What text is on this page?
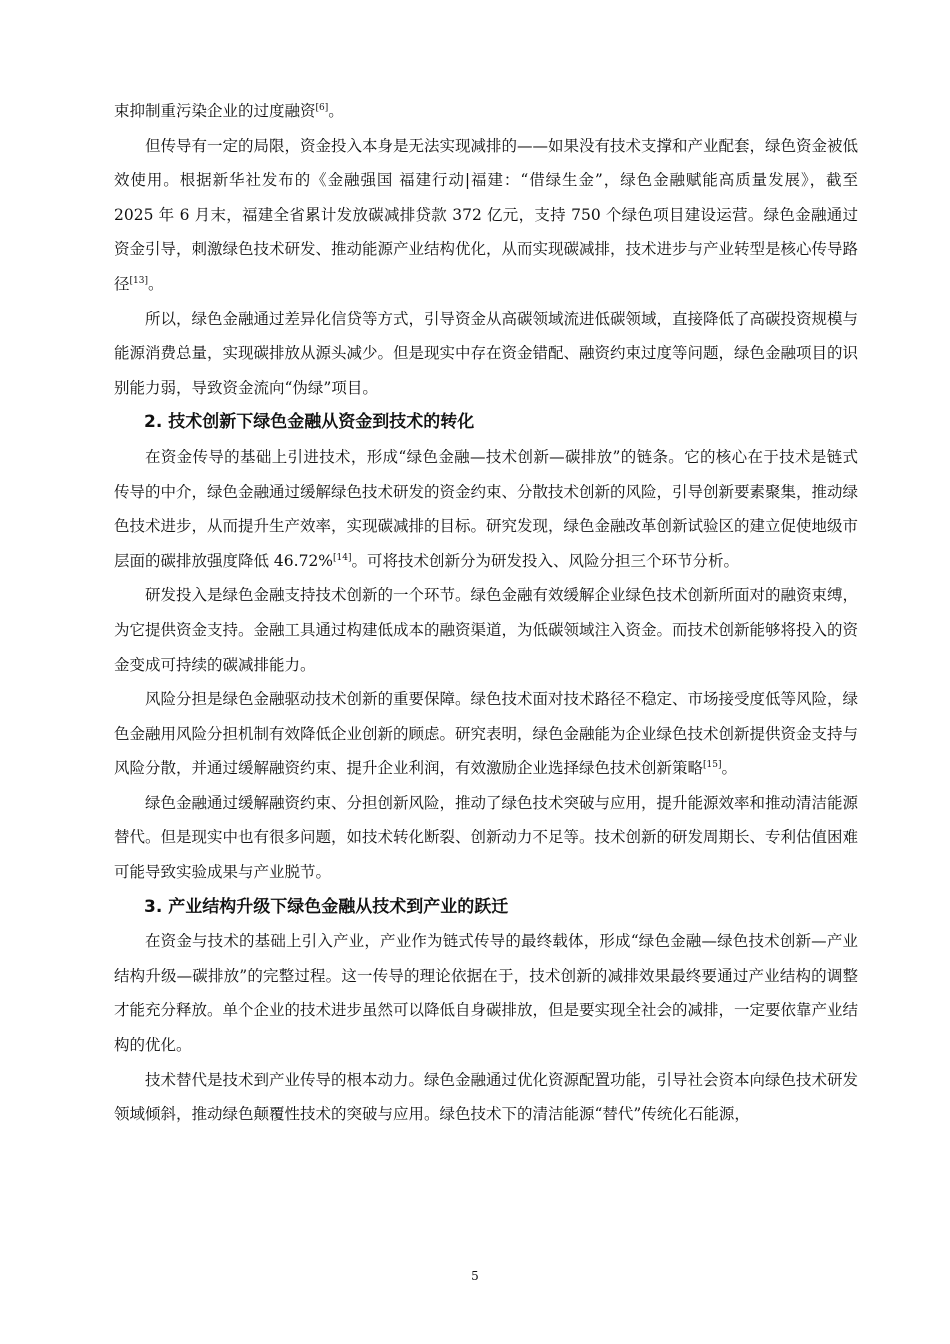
束抑制重污染企业的过度融资[6]。

但传导有一定的局限，资金投入本身是无法实现减排的——如果没有技术支撑和产业配套，绿色资金被低效使用。根据新华社发布的《金融强国 福建行动|福建：“借绿生金”，绿色金融赋能高质量发展》，截至 2025 年 6 月末，福建全省累计发放碳减排贷款 372 亿元，支持 750 个绿色项目建设运营。绿色金融通过资金引导，刺激绿色技术研发、推动能源产业结构优化，从而实现碳减排，技术进步与产业转型是核心传导路径[13]。

所以，绿色金融通过差异化信贷等方式，引导资金从高碳领域流进低碳领域，直接降低了高碳投资规模与能源消费总量，实现碳排放从源头减少。但是现实中存在资金错配、融资约束过度等问题，绿色金融项目的识别能力弱，导致资金流向“伪绿”项目。

2. 技术创新下绿色金融从资金到技术的转化

在资金传导的基础上引进技术，形成“绿色金融—技术创新—碳排放”的链条。它的核心在于技术是链式传导的中介，绿色金融通过缓解绿色技术研发的资金约束、分散技术创新的风险，引导创新要素聚集，推动绿色技术进步，从而提升生产效率，实现碳减排的目标。研究发现，绿色金融改革创新试验区的建立促使地级市层面的碳排放强度降低 46.72%[14]。可将技术创新分为研发投入、风险分担三个环节分析。

研发投入是绿色金融支持技术创新的一个环节。绿色金融有效缓解企业绿色技术创新所面对的融资束缚，为它提供资金支持。金融工具通过构建低成本的融资渠道，为低碳领域注入资金。而技术创新能够将投入的资金变成可持续的碳减排能力。

风险分担是绿色金融驱动技术创新的重要保障。绿色技术面对技术路径不稳定、市场接受度低等风险，绿色金融用风险分担机制有效降低企业创新的顾虑。研究表明，绿色金融能为企业绿色技术创新提供资金支持与风险分散，并通过缓解融资约束、提升企业利润，有效激励企业选择绿色技术创新策略[15]。

绿色金融通过缓解融资约束、分担创新风险，推动了绿色技术突破与应用，提升能源效率和推动清洁能源替代。但是现实中也有很多问题，如技术转化断裂、创新动力不足等。技术创新的研发周期长、专利估值困难可能导致实验成果与产业脱节。

3. 产业结构升级下绿色金融从技术到产业的跃迁

在资金与技术的基础上引入产业，产业作为链式传导的最终载体，形成“绿色金融—绿色技术创新—产业结构升级—碳排放”的完整过程。这一传导的理论依据在于，技术创新的减排效果最终要通过产业结构的调整才能充分释放。单个企业的技术进步虽然可以降低自身碳排放，但是要实现全社会的减排，一定要依靠产业结构的优化。

技术替代是技术到产业传导的根本动力。绿色金融通过优化资源配置功能，引导社会资本向绿色技术研发领域倾斜，推动绿色颠覆性技术的突破与应用。绿色技术下的清洁能源“替代”传统化石能源，

5
